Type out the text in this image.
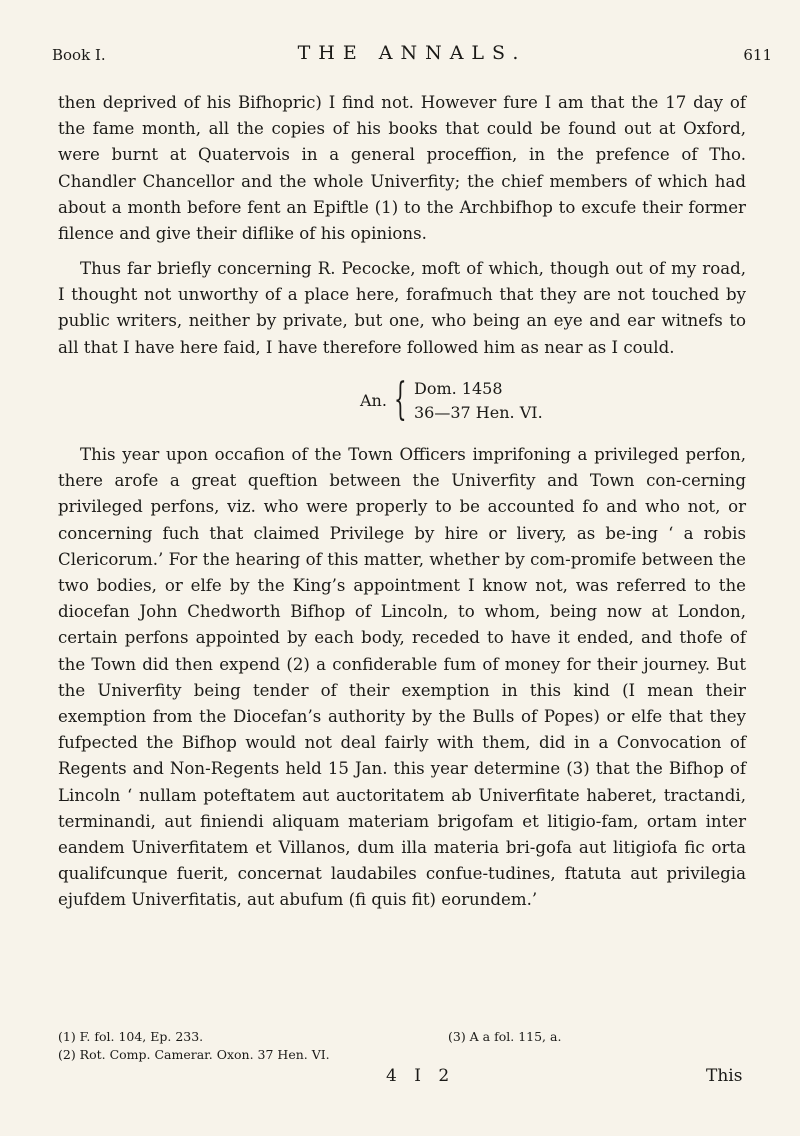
Book I.	THE ANNALS.	611

then deprived of his Bifhopric) I find not. However fure I am that the 17 day of the fame month, all the copies of his books that could be found out at Oxford, were burnt at Quatervois in a general proceffion, in the prefence of Tho. Chandler Chancellor and the whole Univerfity; the chief members of which had about a month before fent an Epiftle (1) to the Archbifhop to excufe their former filence and give their diflike of his opinions.

Thus far briefly concerning R. Pecocke, moft of which, though out of my road, I thought not unworthy of a place here, forafmuch that they are not touched by public writers, neither by private, but one, who being an eye and ear witnefs to all that I have here faid, I have therefore followed him as near as I could.

An. { Dom. 1458
36—37 Hen. VI.

This year upon occafion of the Town Officers imprifoning a privileged perfon, there arofe a great queftion between the Univerfity and Town con-cerning privileged perfons, viz. who were properly to be accounted fo and who not, or concerning fuch that claimed Privilege by hire or livery, as be-ing ‘ a robis Clericorum.’ For the hearing of this matter, whether by com-promife between the two bodies, or elfe by the King’s appointment I know not, was referred to the diocefan John Chedworth Bifhop of Lincoln, to whom, being now at London, certain perfons appointed by each body, receded to have it ended, and thofe of the Town did then expend (2) a confiderable fum of money for their journey. But the Univerfity being tender of their exemption in this kind (I mean their exemption from the Diocefan’s authority by the Bulls of Popes) or elfe that they fufpected the Bifhop would not deal fairly with them, did in a Convocation of Regents and Non-Regents held 15 Jan. this year determine (3) that the Bifhop of Lincoln ‘ nullam poteftatem aut auctoritatem ab Univerfitate haberet, tractandi, terminandi, aut finiendi aliquam materiam brigofam et litigio-fam, ortam inter eandem Univerfitatem et Villanos, dum illa materia bri-gofa aut litigiofa fic orta qualifcunque fuerit, concernat laudabiles confue-tudines, ftatuta aut privilegia ejufdem Univerfitatis, aut abufum (fi quis fit) eorundem.’

(1) F. fol. 104, Ep. 233.	(3) A a fol. 115, a.
(2) Rot. Comp. Camerar. Oxon. 37 Hen. VI.
4 I 2	This
